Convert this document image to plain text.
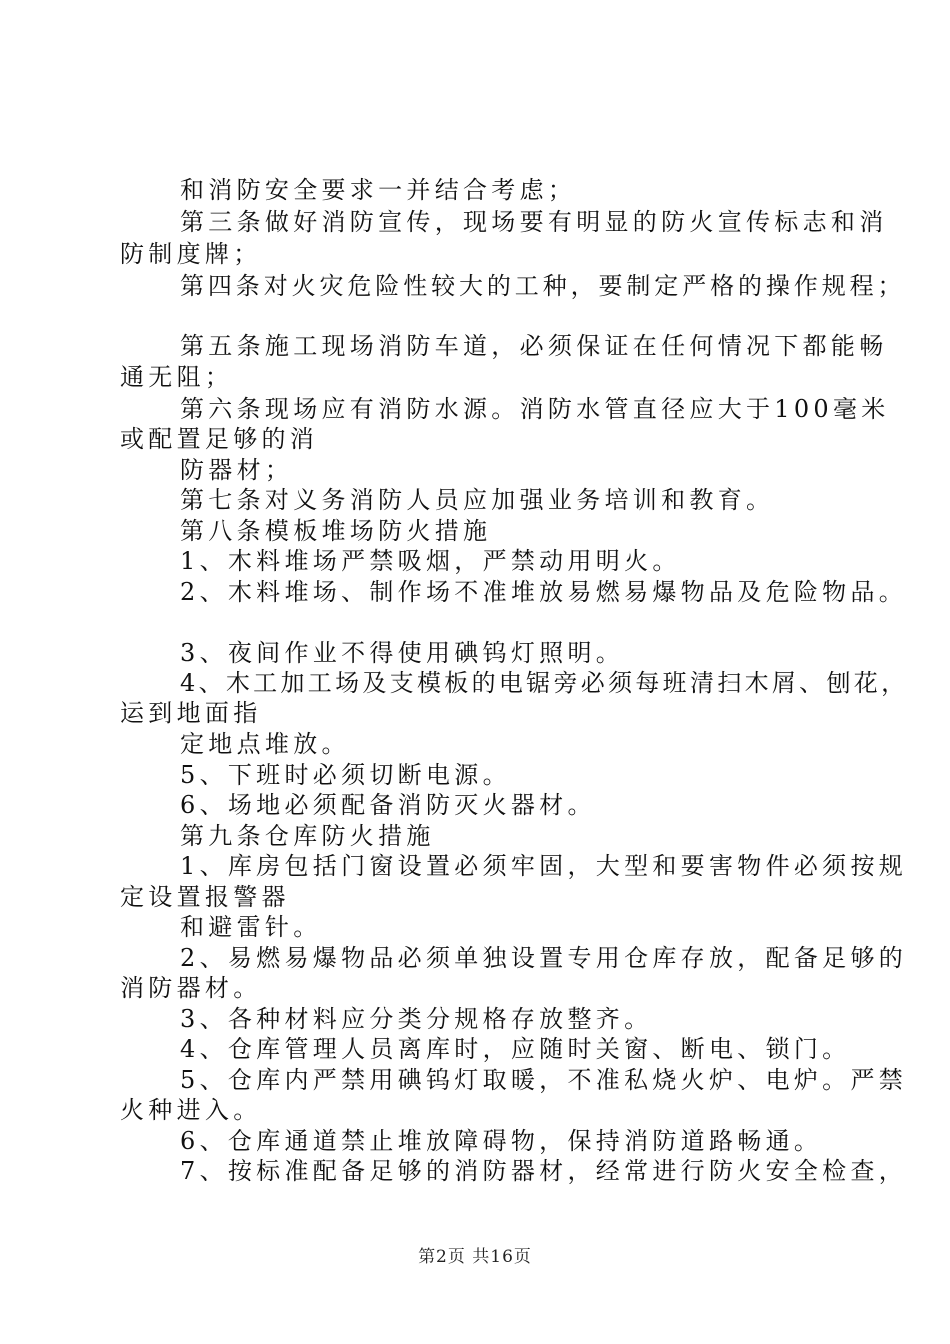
和消防安全要求一并结合考虑；
第三条做好消防宣传，现场要有明显的防火宣传标志和消
防制度牌；
第四条对火灾危险性较大的工种，要制定严格的操作规程；
第五条施工现场消防车道，必须保证在任何情况下都能畅
通无阻；
第六条现场应有消防水源。消防水管直径应大于100毫米
或配置足够的消
防器材；
第七条对义务消防人员应加强业务培训和教育。
第八条模板堆场防火措施
1、木料堆场严禁吸烟，严禁动用明火。
2、木料堆场、制作场不准堆放易燃易爆物品及危险物品。
3、夜间作业不得使用碘钨灯照明。
4、木工加工场及支模板的电锯旁必须每班清扫木屑、刨花，
运到地面指
定地点堆放。
5、下班时必须切断电源。
6、场地必须配备消防灭火器材。
第九条仓库防火措施
1、库房包括门窗设置必须牢固，大型和要害物件必须按规
定设置报警器
和避雷针。
2、易燃易爆物品必须单独设置专用仓库存放，配备足够的
消防器材。
3、各种材料应分类分规格存放整齐。
4、仓库管理人员离库时，应随时关窗、断电、锁门。
5、仓库内严禁用碘钨灯取暖，不准私烧火炉、电炉。严禁
火种进入。
6、仓库通道禁止堆放障碍物，保持消防道路畅通。
7、按标准配备足够的消防器材，经常进行防火安全检查，
第2页 共16页
